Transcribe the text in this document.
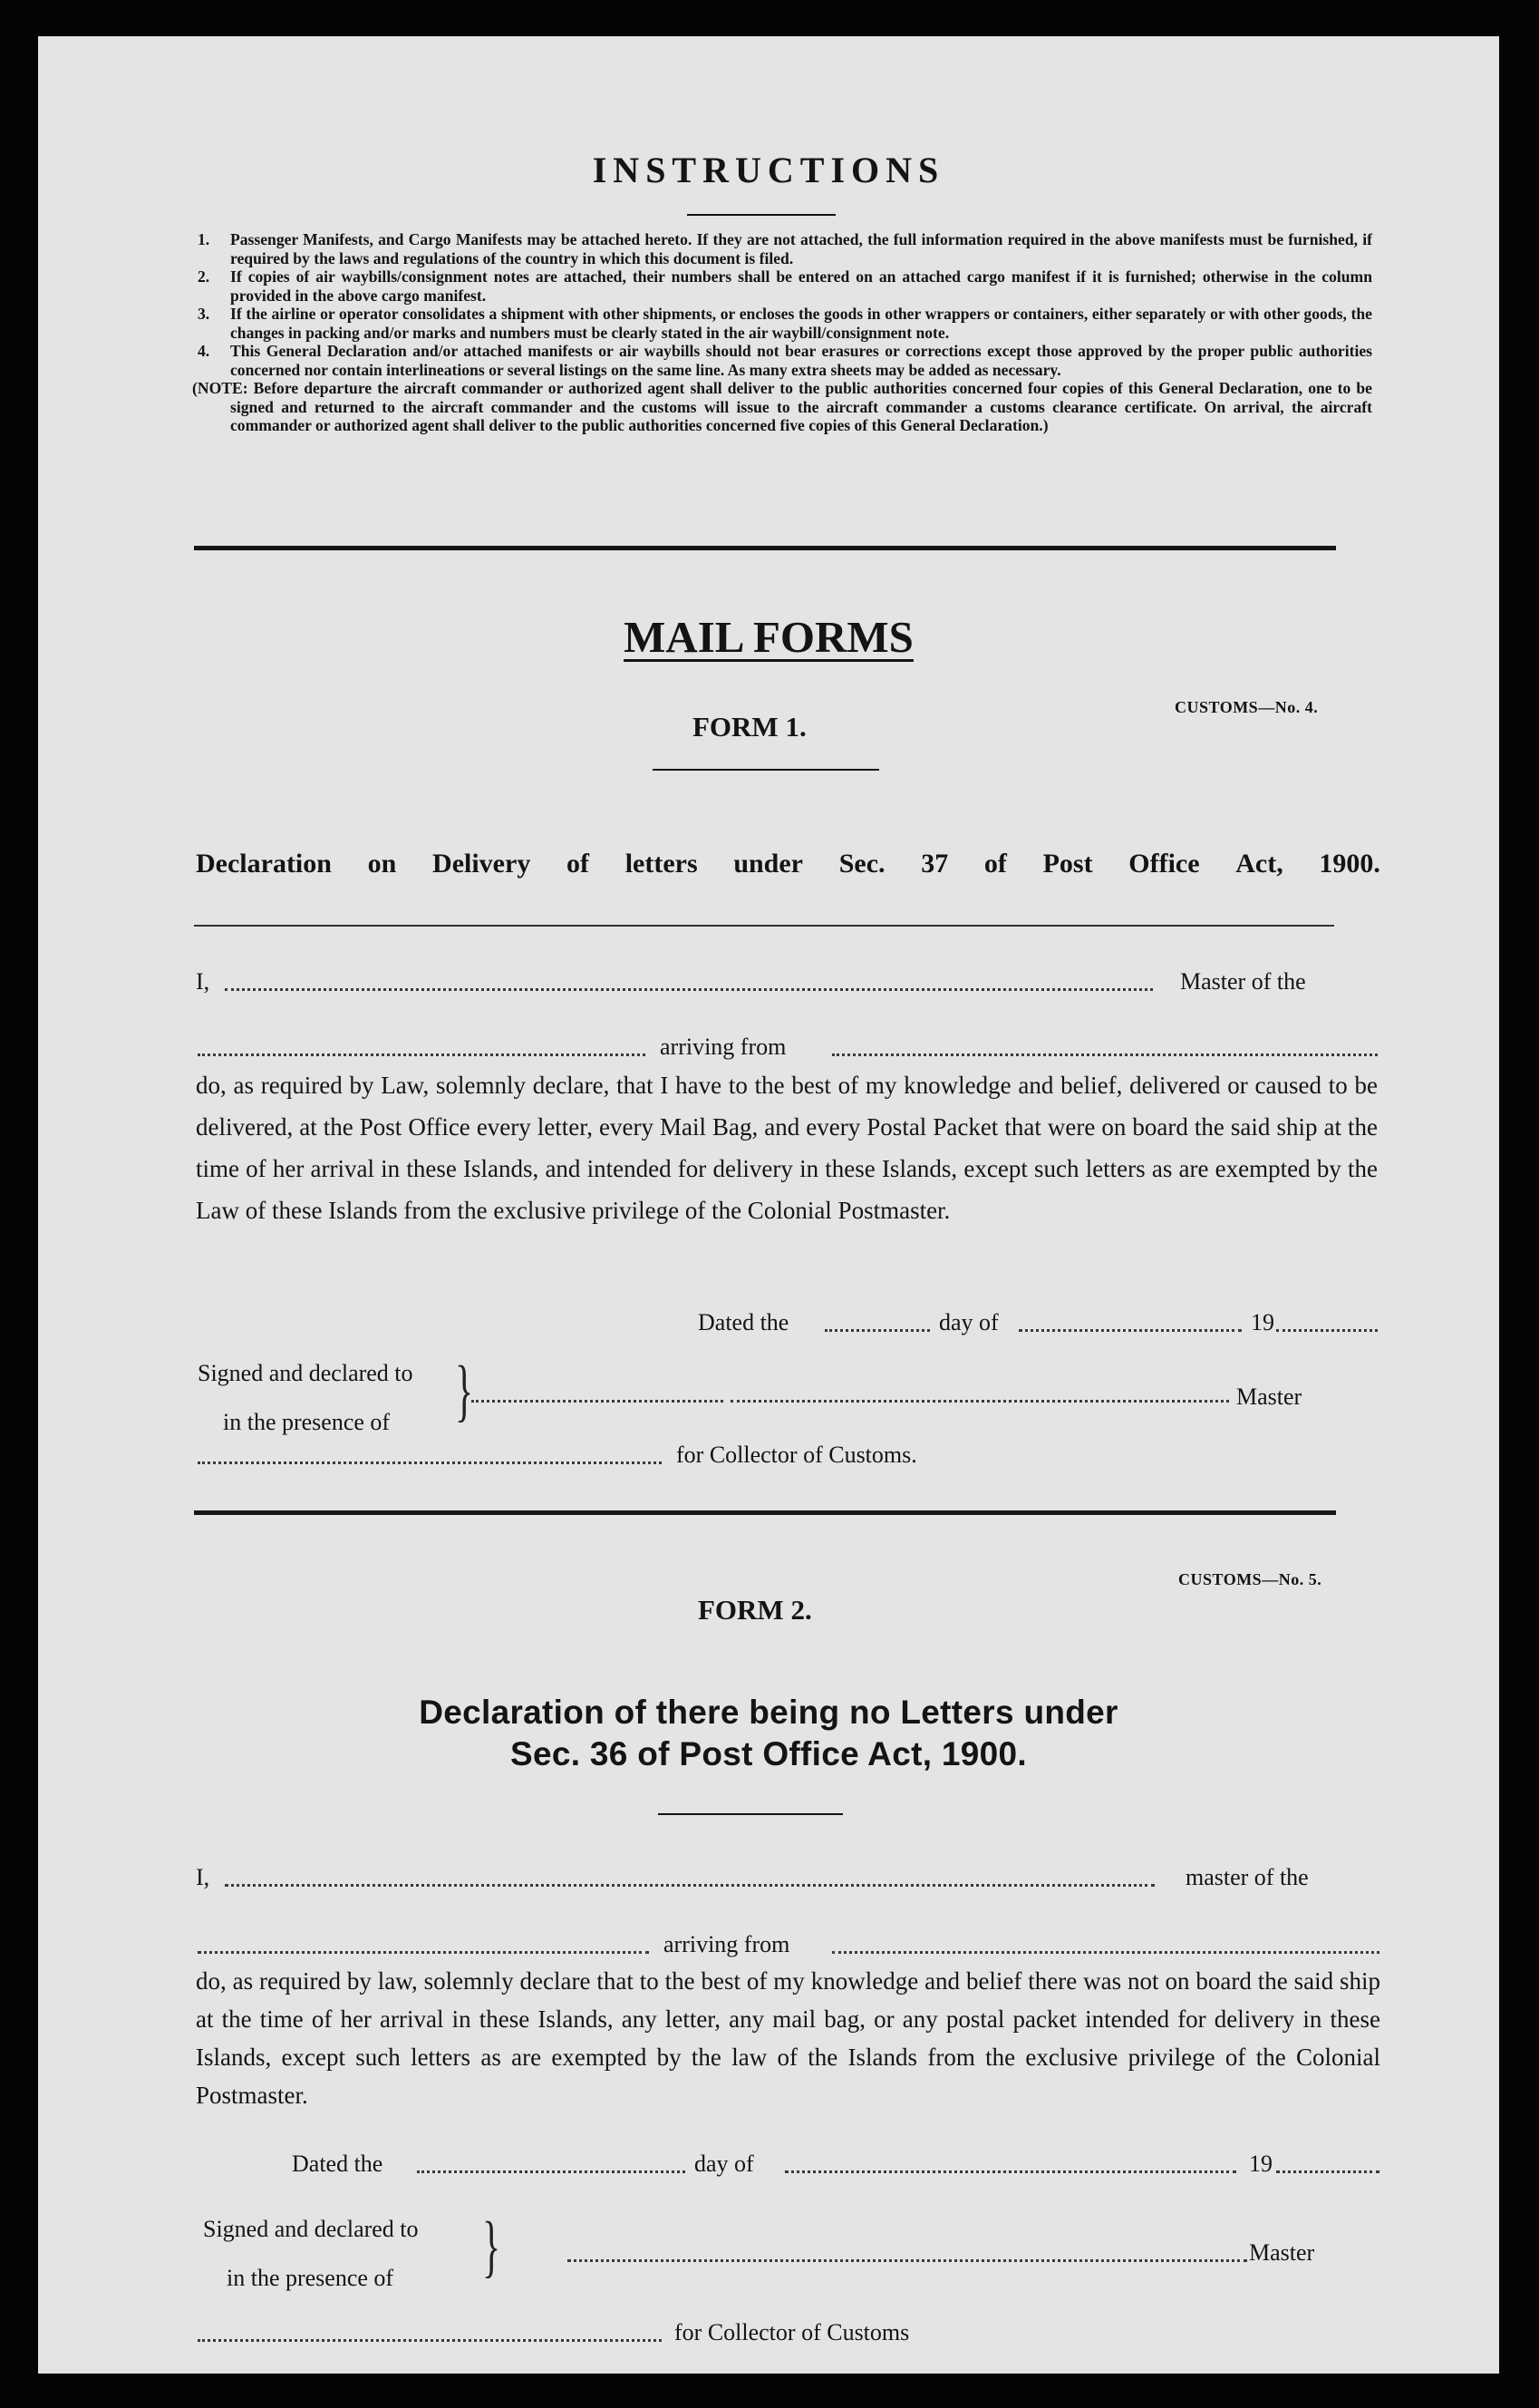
INSTRUCTIONS
1. Passenger Manifests, and Cargo Manifests may be attached hereto. If they are not attached, the full information required in the above manifests must be furnished, if required by the laws and regulations of the country in which this document is filed.
2. If copies of air waybills/consignment notes are attached, their numbers shall be entered on an attached cargo manifest if it is furnished; otherwise in the column provided in the above cargo manifest.
3. If the airline or operator consolidates a shipment with other shipments, or encloses the goods in other wrappers or containers, either separately or with other goods, the changes in packing and/or marks and numbers must be clearly stated in the air waybill/consignment note.
4. This General Declaration and/or attached manifests or air waybills should not bear erasures or corrections except those approved by the proper public authorities concerned nor contain interlineations or several listings on the same line. As many extra sheets may be added as necessary.
(NOTE: Before departure the aircraft commander or authorized agent shall deliver to the public authorities concerned four copies of this General Declaration, one to be signed and returned to the aircraft commander and the customs will issue to the aircraft commander a customs clearance certificate. On arrival, the aircraft commander or authorized agent shall deliver to the public authorities concerned five copies of this General Declaration.)
MAIL FORMS
CUSTOMS—No. 4.
FORM 1.
Declaration on Delivery of letters under Sec. 37 of Post Office Act, 1900.
I,	Master of the
arriving from
do, as required by Law, solemnly declare, that I have to the best of my knowledge and belief, delivered or caused to be delivered, at the Post Office every letter, every Mail Bag, and every Postal Packet that were on board the said ship at the time of her arrival in these Islands, and intended for delivery in these Islands, except such letters as are exempted by the Law of these Islands from the exclusive privilege of the Colonial Postmaster.
Dated the	day of	19
Signed and declared to
in the presence of }	Master
for Collector of Customs.
CUSTOMS—No. 5.
FORM 2.
Declaration of there being no Letters under
Sec. 36 of Post Office Act, 1900.
I,	master of the
arriving from
do, as required by law, solemnly declare that to the best of my knowledge and belief there was not on board the said ship at the time of her arrival in these Islands, any letter, any mail bag, or any postal packet intended for delivery in these Islands, except such letters as are exempted by the law of the Islands from the exclusive privilege of the Colonial Postmaster.
Dated the	day of	19
Signed and declared to
in the presence of }	Master
for Collector of Customs
